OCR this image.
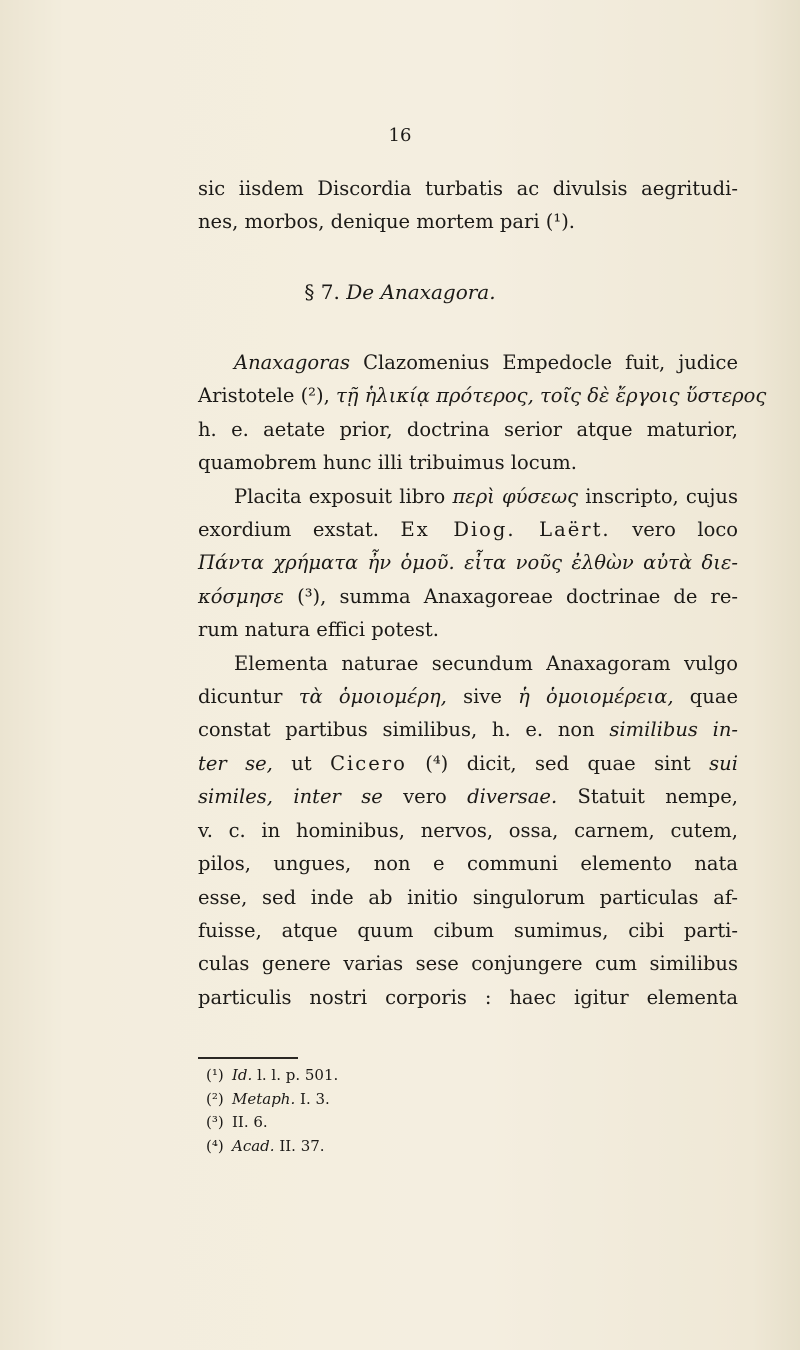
16
sic iisdem Discordia turbatis ac divulsis aegritudi-
nes, morbos, denique mortem pari (¹).
§ 7. De Anaxagora.
Anaxagoras Clazomenius Empedocle fuit, judice
Aristotele (²), τῇ ἡλικίᾳ πρότερος, τοῖς δὲ ἔργοις ὕστερος
h. e. aetate prior, doctrina serior atque maturior,
quamobrem hunc illi tribuimus locum.
Placita exposuit libro περὶ φύσεως inscripto, cujus
exordium exstat. Ex Diog. Laërt. vero loco
Πάντα χρήματα ἦν ὁμοῦ. εἶτα νοῦς ἐλθὼν αὐτὰ διε-
κόσμησε (³), summa Anaxagoreae doctrinae de re-
rum natura effici potest.
Elementa naturae secundum Anaxagoram vulgo
dicuntur τὰ ὁμοιομέρη, sive ἡ ὁμοιομέρεια, quae
constat partibus similibus, h. e. non similibus in-
ter se, ut Cicero (⁴) dicit, sed quae sint sui
similes, inter se vero diversae. Statuit nempe,
v. c. in hominibus, nervos, ossa, carnem, cutem,
pilos, ungues, non e communi elemento nata
esse, sed inde ab initio singulorum particulas af-
fuisse, atque quum cibum sumimus, cibi parti-
culas genere varias sese conjungere cum similibus
particulis nostri corporis : haec igitur elementa
(¹) Id. l. l. p. 501.
(²) Metaph. I. 3.
(³) II. 6.
(⁴) Acad. II. 37.
